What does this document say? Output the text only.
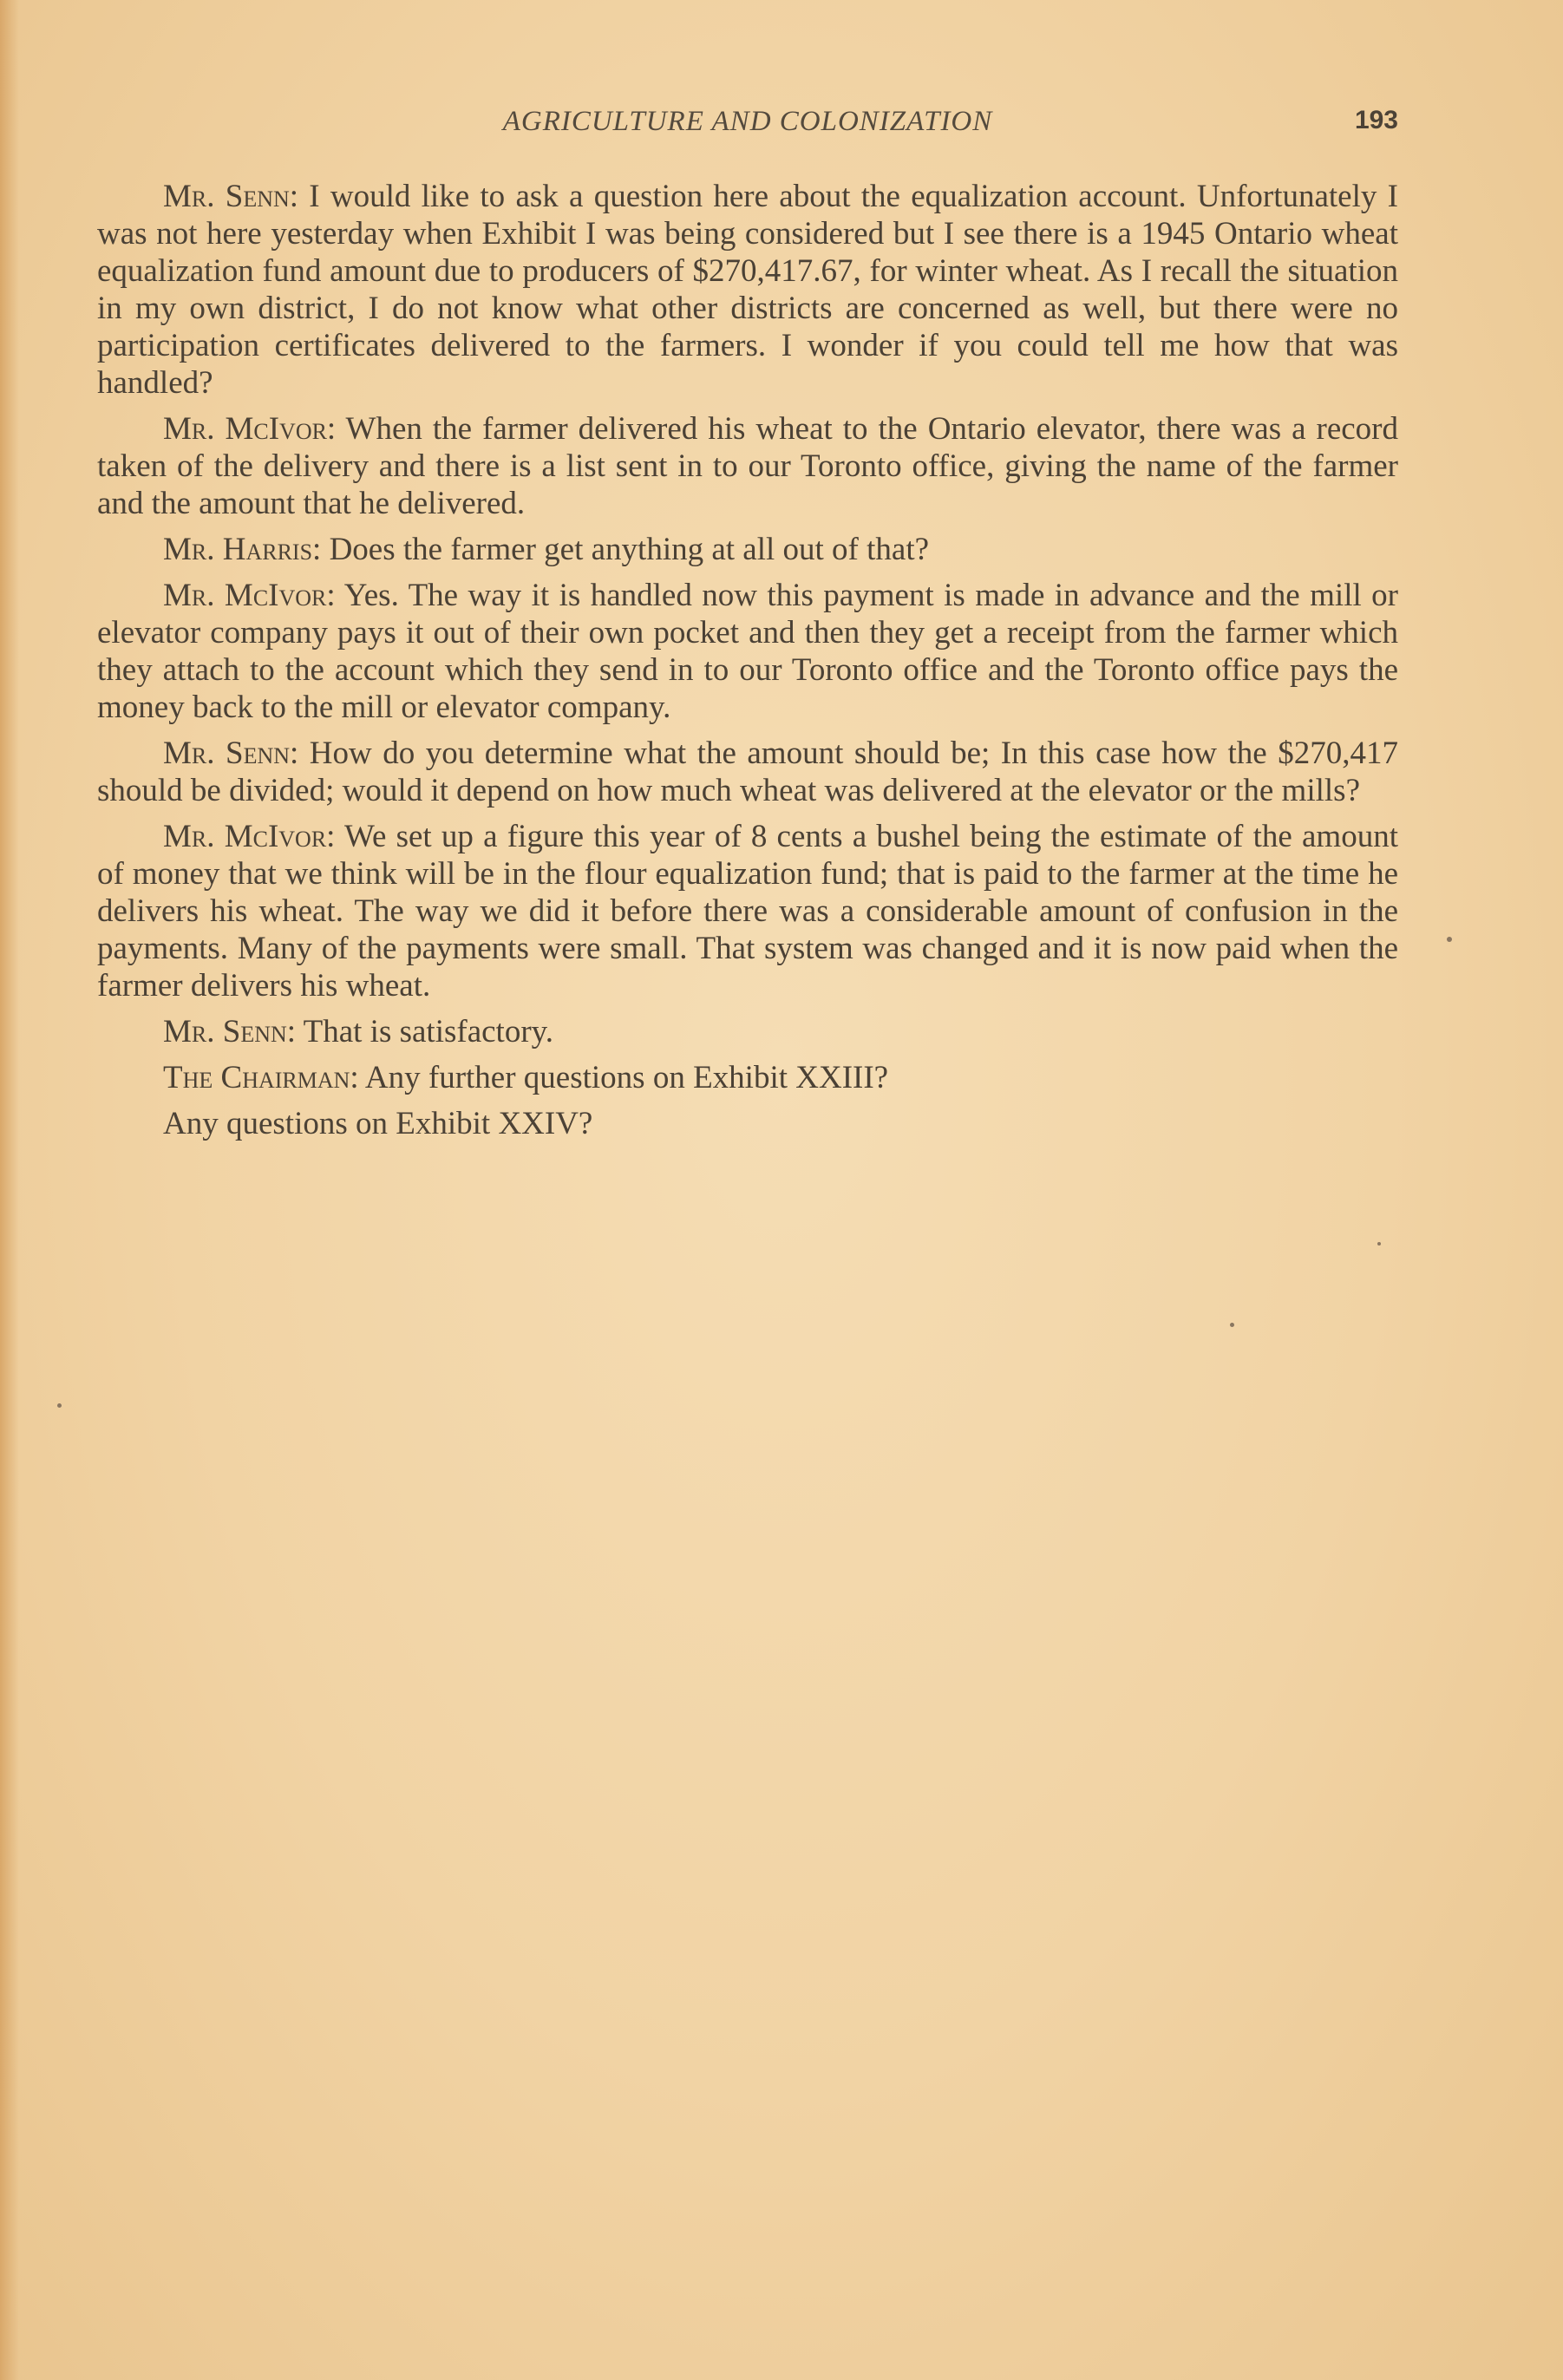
AGRICULTURE AND COLONIZATION	193

Mr. Senn: I would like to ask a question here about the equalization account. Unfortunately I was not here yesterday when Exhibit I was being considered but I see there is a 1945 Ontario wheat equalization fund amount due to producers of $270,417.67, for winter wheat. As I recall the situation in my own district, I do not know what other districts are concerned as well, but there were no participation certificates delivered to the farmers. I wonder if you could tell me how that was handled?

Mr. McIvor: When the farmer delivered his wheat to the Ontario elevator, there was a record taken of the delivery and there is a list sent in to our Toronto office, giving the name of the farmer and the amount that he delivered.

Mr. Harris: Does the farmer get anything at all out of that?

Mr. McIvor: Yes. The way it is handled now this payment is made in advance and the mill or elevator company pays it out of their own pocket and then they get a receipt from the farmer which they attach to the account which they send in to our Toronto office and the Toronto office pays the money back to the mill or elevator company.

Mr. Senn: How do you determine what the amount should be; In this case how the $270,417 should be divided; would it depend on how much wheat was delivered at the elevator or the mills?

Mr. McIvor: We set up a figure this year of 8 cents a bushel being the estimate of the amount of money that we think will be in the flour equalization fund; that is paid to the farmer at the time he delivers his wheat. The way we did it before there was a considerable amount of confusion in the payments. Many of the payments were small. That system was changed and it is now paid when the farmer delivers his wheat.

Mr. Senn: That is satisfactory.

The Chairman: Any further questions on Exhibit XXIII?

Any questions on Exhibit XXIV?
